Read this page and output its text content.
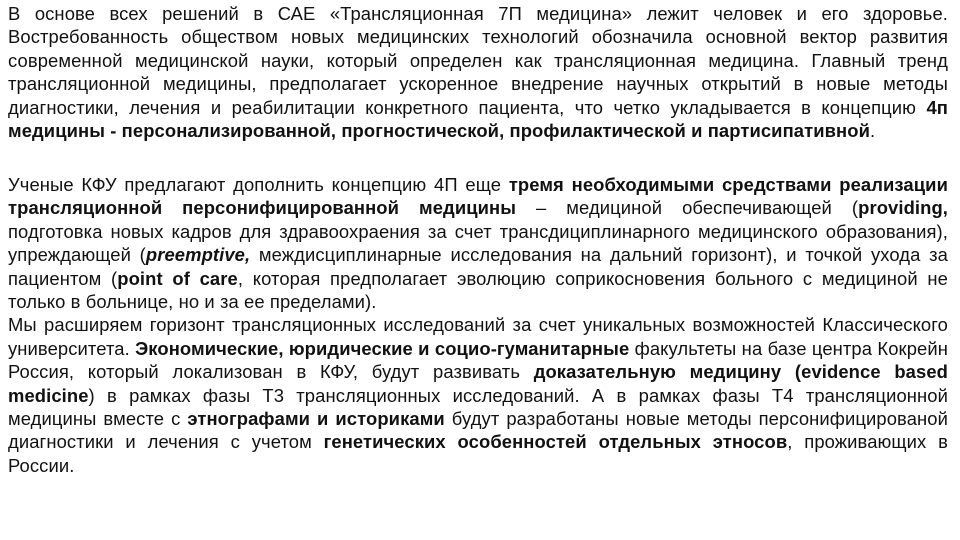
В основе всех решений в САЕ «Трансляционная 7П медицина» лежит человек и его здоровье. Востребованность обществом новых медицинских технологий обозначила основной вектор развития современной медицинской науки, который определен как трансляционная медицина. Главный тренд трансляционной медицины, предполагает ускоренное внедрение научных открытий в новые методы диагностики, лечения и реабилитации конкретного пациента, что четко укладывается в концепцию 4п медицины - персонализированной, прогностической, профилактической и партисипативной.
Ученые КФУ предлагают дополнить концепцию 4П еще тремя необходимыми средствами реализации трансляционной персонифицированной медицины – медициной обеспечивающей (providing, подготовка новых кадров для здравоохраения за счет трансдициплинарного медицинского образования), упреждающей (preemptive, междисциплинарные исследования на дальний горизонт), и точкой ухода за пациентом (point of care, которая предполагает эволюцию соприкосновения больного с медициной не только в больнице, но и за ее пределами).
Мы расширяем горизонт трансляционных исследований за счет уникальных возможностей Классического университета. Экономические, юридические и социо-гуманитарные факультеты на базе центра Кокрейн Россия, который локализован в КФУ, будут развивать доказательную медицину (evidence based medicine) в рамках фазы Т3 трансляционных исследований. А в рамках фазы Т4 трансляционной медицины вместе с этнографами и историками будут разработаны новые методы персонифицированой диагностики и лечения с учетом генетических особенностей отдельных этносов, проживающих в России.
